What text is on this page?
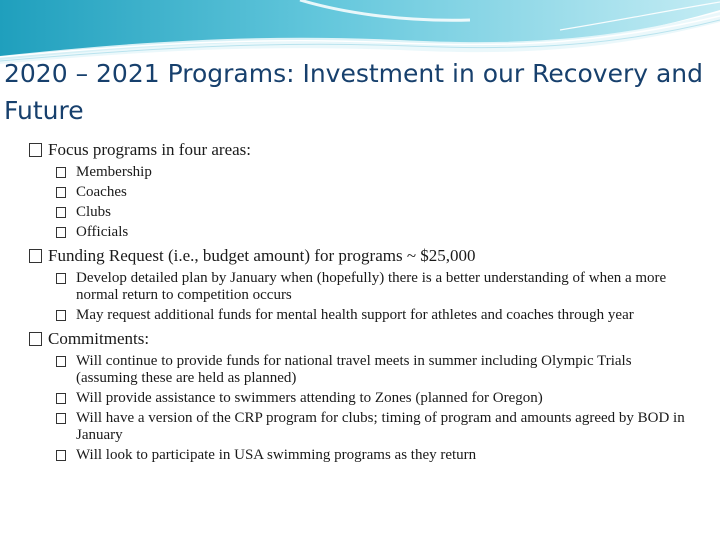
2020 – 2021 Programs: Investment in our Recovery and Future
Focus programs in four areas:
Membership
Coaches
Clubs
Officials
Funding Request (i.e., budget amount) for programs ~ $25,000
Develop detailed plan by January when (hopefully) there is a better understanding of when a more normal return to competition occurs
May request additional funds for mental health support for athletes and coaches through year
Commitments:
Will continue to provide funds for national travel meets in summer including Olympic Trials (assuming these are held as planned)
Will provide assistance to swimmers attending to Zones (planned for Oregon)
Will have a version of the CRP program for clubs; timing of program and amounts agreed by BOD in January
Will look to participate in USA swimming programs as they return
